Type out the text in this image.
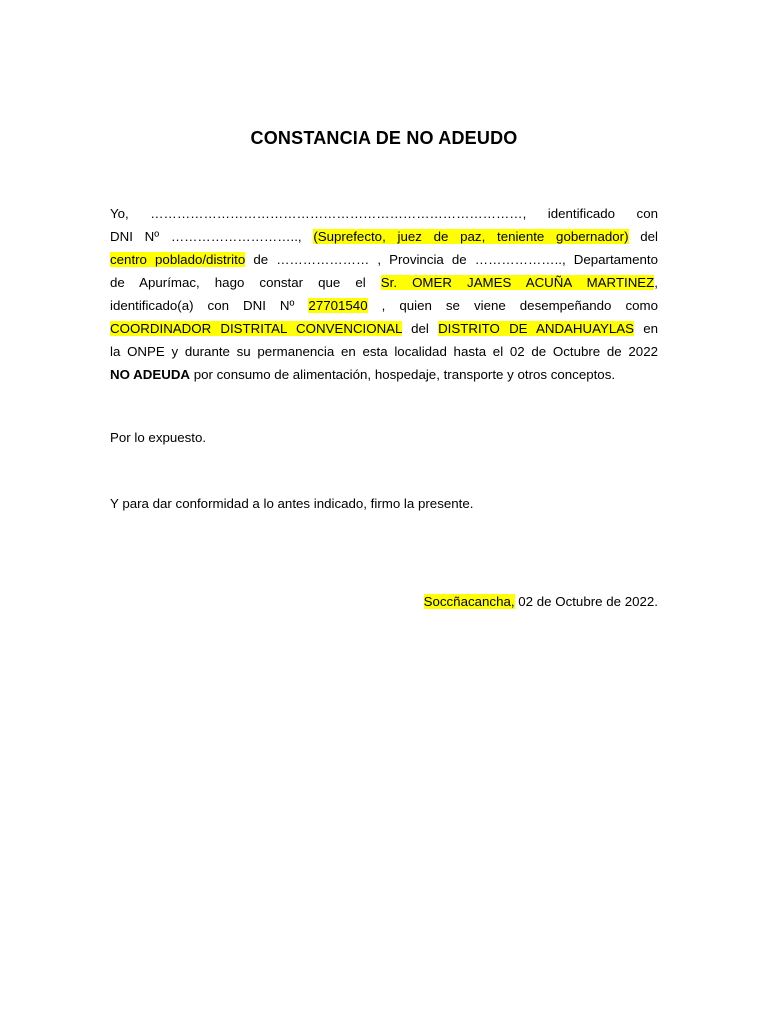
CONSTANCIA DE NO ADEUDO
Yo, …………………………………………………………………………, identificado con
DNI Nº ……………………….., (Suprefecto, juez de paz, teniente gobernador) del
centro poblado/distrito de ………………… , Provincia de ……………….., Departamento
de Apurímac, hago constar que el Sr. OMER JAMES ACUÑA MARTINEZ,
identificado(a) con DNI Nº 27701540 , quien se viene desempeñando como
COORDINADOR DISTRITAL CONVENCIONAL del DISTRITO DE ANDAHUAYLAS en
la ONPE y durante su permanencia en esta localidad hasta el 02 de Octubre de 2022
NO ADEUDA por consumo de alimentación, hospedaje, transporte y otros conceptos.
Por lo expuesto.
Y para dar conformidad a lo antes indicado, firmo la presente.
Soccñacancha, 02 de Octubre de 2022.
